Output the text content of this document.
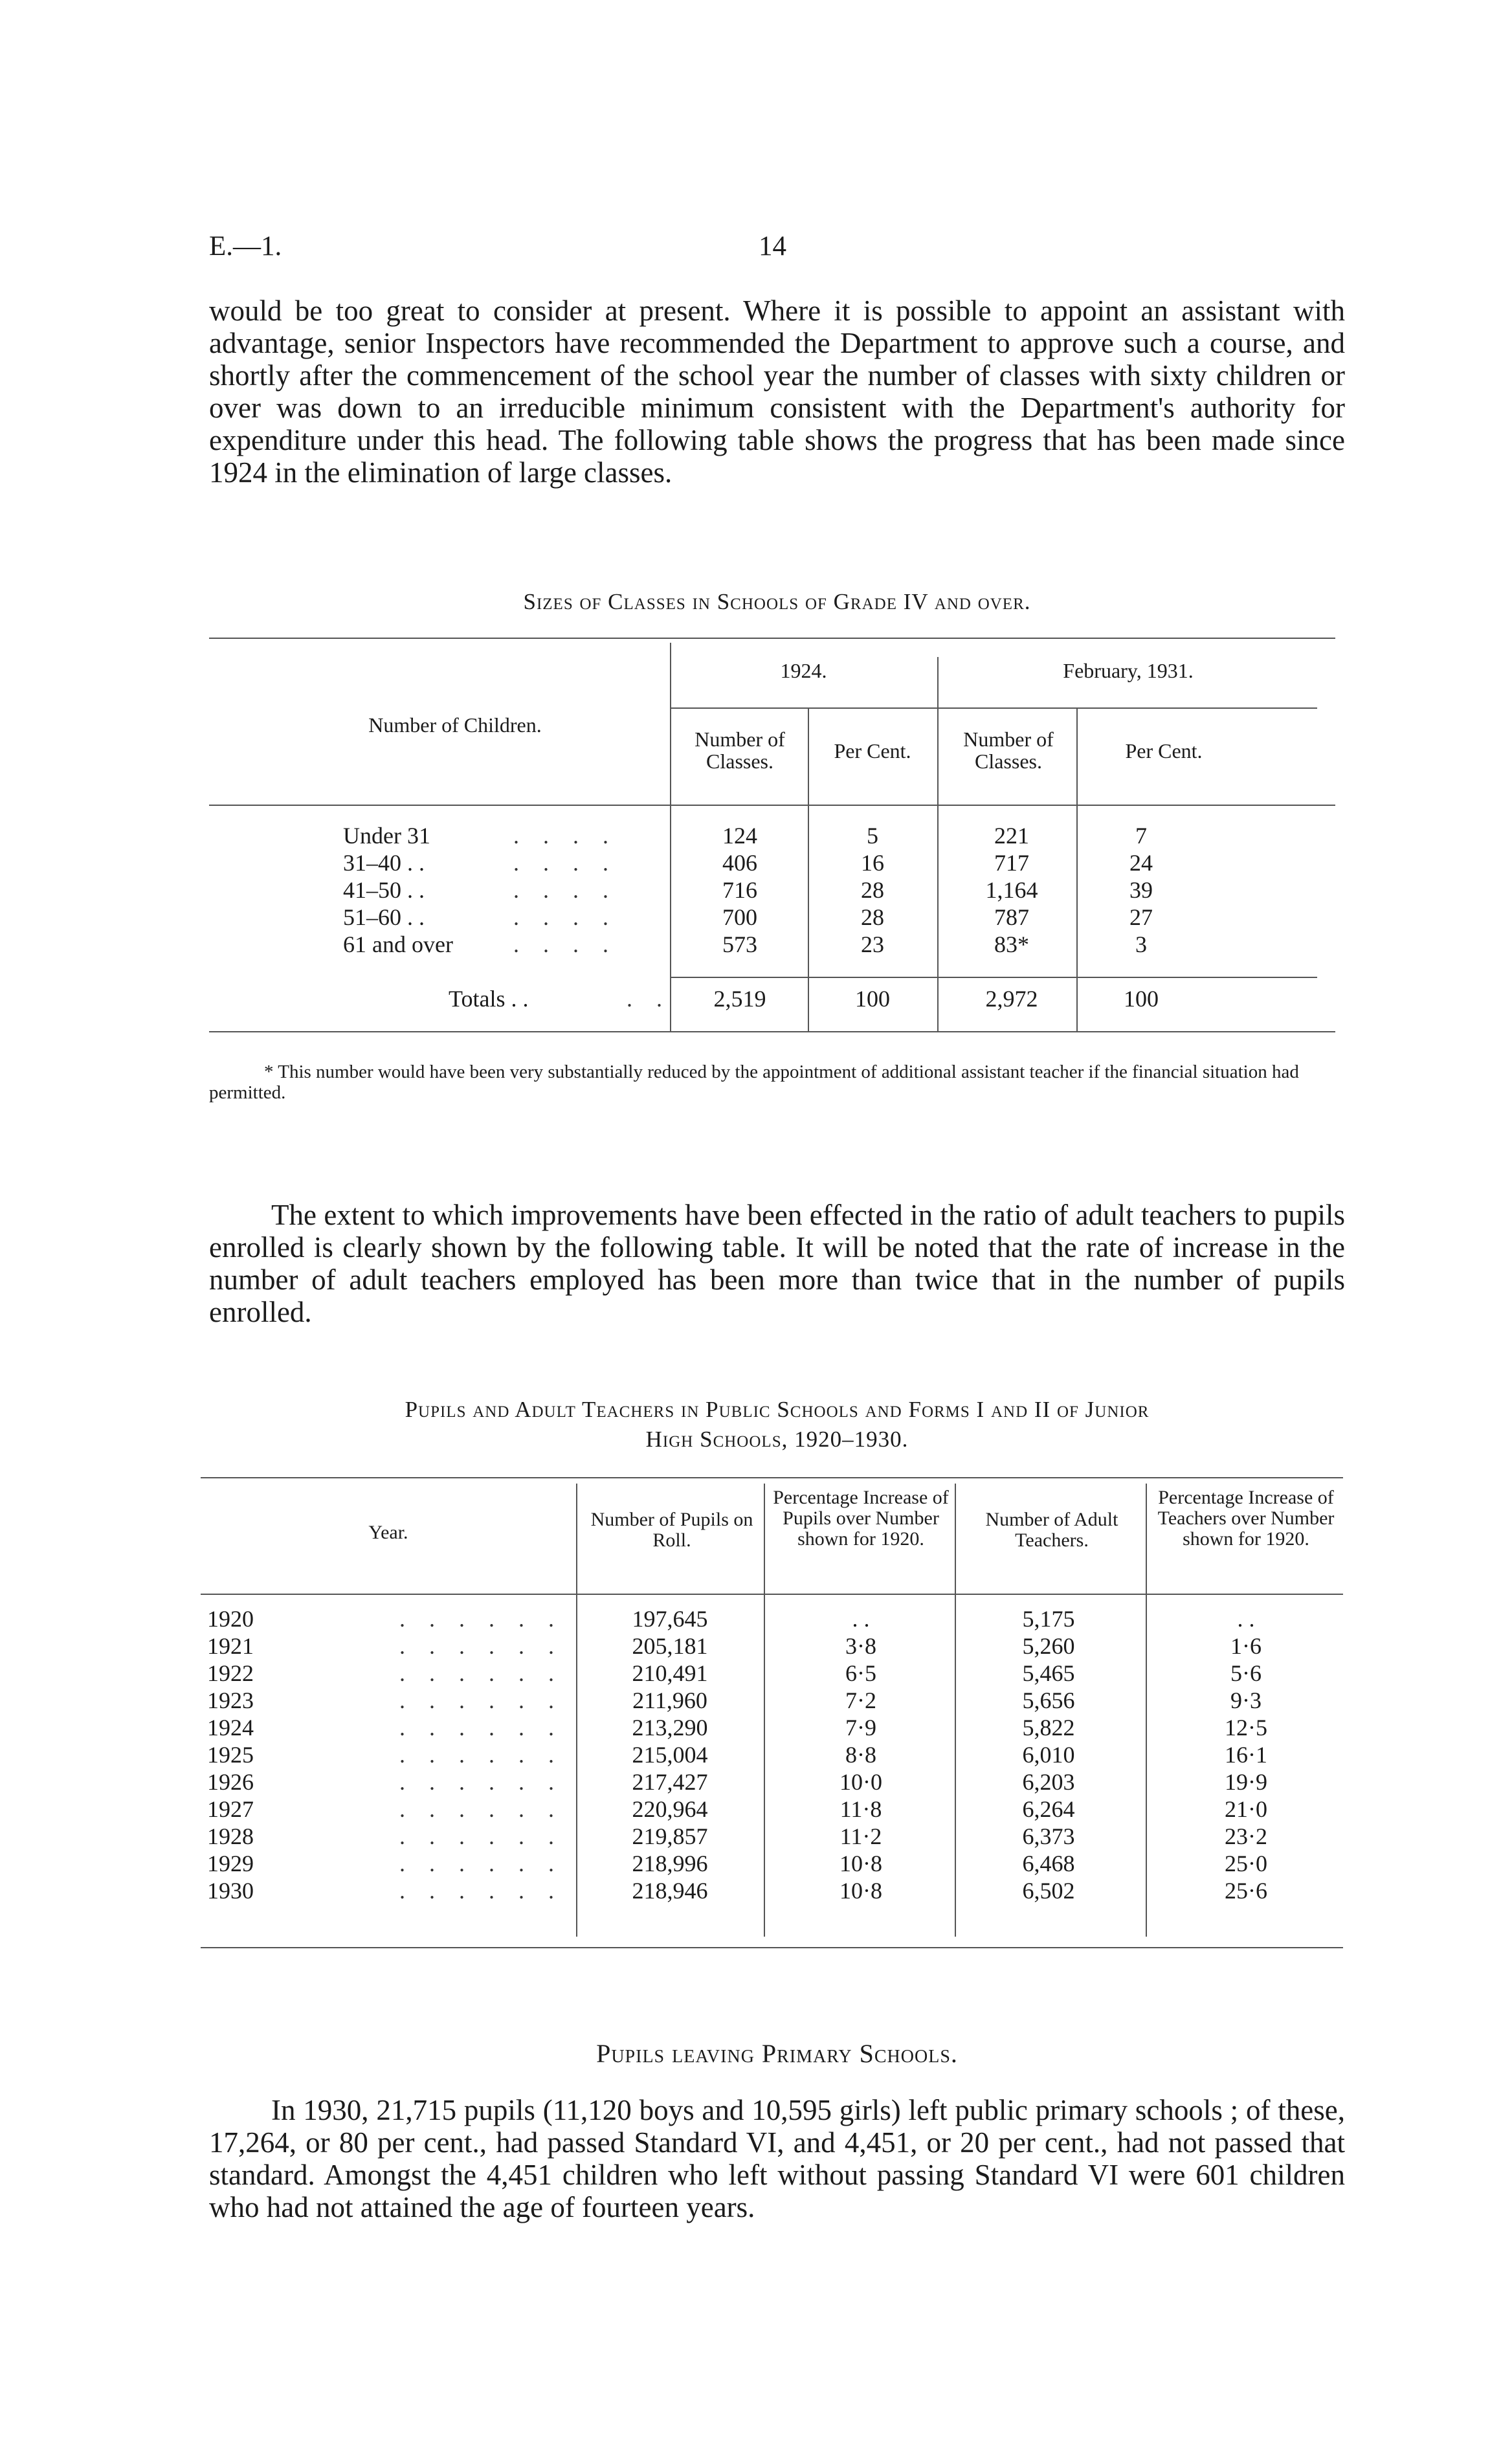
E.—1.	14

would be too great to consider at present. Where it is possible to appoint an assistant with advantage, senior Inspectors have recommended the Department to approve such a course, and shortly after the commencement of the school year the number of classes with sixty children or over was down to an irreducible minimum consistent with the Department's authority for expenditure under this head. The following table shows the progress that has been made since 1924 in the elimination of large classes.

Sizes of Classes in Schools of Grade IV and over.
Number of Children.
1924.	February, 1931.
Number of Classes.	Per Cent.	Number of Classes.	Per Cent.
Under 31	. . . .	124	5	221	7
31–40 . .	. . . .	406	16	717	24
41–50 . .	. . . .	716	28	1,164	39
51–60 . .	. . . .	700	28	787	27
61 and over	. . . .	573	23	83*	3
Totals . .	. .	2,519	100	2,972	100

* This number would have been very substantially reduced by the appointment of additional assistant teacher if the financial situation had permitted.

The extent to which improvements have been effected in the ratio of adult teachers to pupils enrolled is clearly shown by the following table. It will be noted that the rate of increase in the number of adult teachers employed has been more than twice that in the number of pupils enrolled.

Pupils and Adult Teachers in Public Schools and Forms I and II of Junior
High Schools, 1920–1930.
Year.
Number of Pupils on Roll.
Percentage Increase of Pupils over Number shown for 1920.
Number of Adult Teachers.
Percentage Increase of Teachers over Number shown for 1920.
1920	. . . . . .	197,645	. .	5,175	. .
1921	. . . . . .	205,181	3·8	5,260	1·6
1922	. . . . . .	210,491	6·5	5,465	5·6
1923	. . . . . .	211,960	7·2	5,656	9·3
1924	. . . . . .	213,290	7·9	5,822	12·5
1925	. . . . . .	215,004	8·8	6,010	16·1
1926	. . . . . .	217,427	10·0	6,203	19·9
1927	. . . . . .	220,964	11·8	6,264	21·0
1928	. . . . . .	219,857	11·2	6,373	23·2
1929	. . . . . .	218,996	10·8	6,468	25·0
1930	. . . . . .	218,946	10·8	6,502	25·6
Pupils leaving Primary Schools.

In 1930, 21,715 pupils (11,120 boys and 10,595 girls) left public primary schools ; of these, 17,264, or 80 per cent., had passed Standard VI, and 4,451, or 20 per cent., had not passed that standard. Amongst the 4,451 children who left without passing Standard VI were 601 children who had not attained the age of fourteen years.
